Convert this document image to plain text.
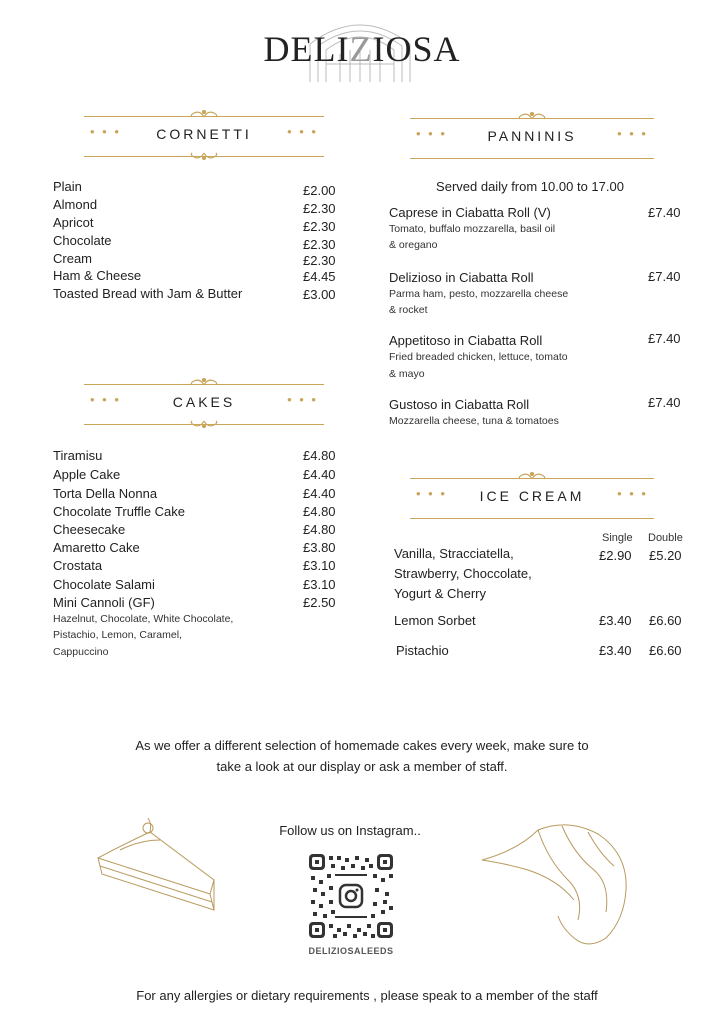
DELIZIOSA
• • •	CORNETTI	• • •
Plain	£2.00
Almond	£2.30
Apricot	£2.30
Chocolate	£2.30
Cream	£2.30
Ham & Cheese	£4.45
Toasted Bread with Jam & Butter	£3.00
• • •	PANNINIS	• • •
Served daily from 10.00 to 17.00
Caprese in Ciabatta Roll (V)	£7.40
Tomato, buffalo mozzarella, basil oil
& oregano
Delizioso in Ciabatta Roll	£7.40
Parma ham, pesto, mozzarella cheese
& rocket
Appetitoso in Ciabatta Roll	£7.40
Fried breaded chicken, lettuce, tomato
& mayo
Gustoso in Ciabatta Roll	£7.40
Mozzarella cheese, tuna & tomatoes
• • •	CAKES	• • •
Tiramisu	£4.80
Apple Cake	£4.40
Torta Della Nonna	£4.40
Chocolate Truffle Cake	£4.80
Cheesecake	£4.80
Amaretto Cake	£3.80
Crostata	£3.10
Chocolate Salami	£3.10
Mini Cannoli (GF)	£2.50
Hazelnut, Chocolate, White Chocolate,
Pistachio, Lemon, Caramel,
Cappuccino
• • •	ICE CREAM	• • •
Single Double
Vanilla, Stracciatella,
Strawberry, Choccolate,
Yogurt & Cherry
£2.90 £5.20
Lemon Sorbet	£3.40 £6.60
Pistachio	£3.40 £6.60
As we offer a different selection of homemade cakes every week, make sure to
take a look at our display or ask a member of staff.
Follow us on Instagram..
DELIZIOSALEEDS
For any allergies or dietary requirements , please speak to a member of the staff
